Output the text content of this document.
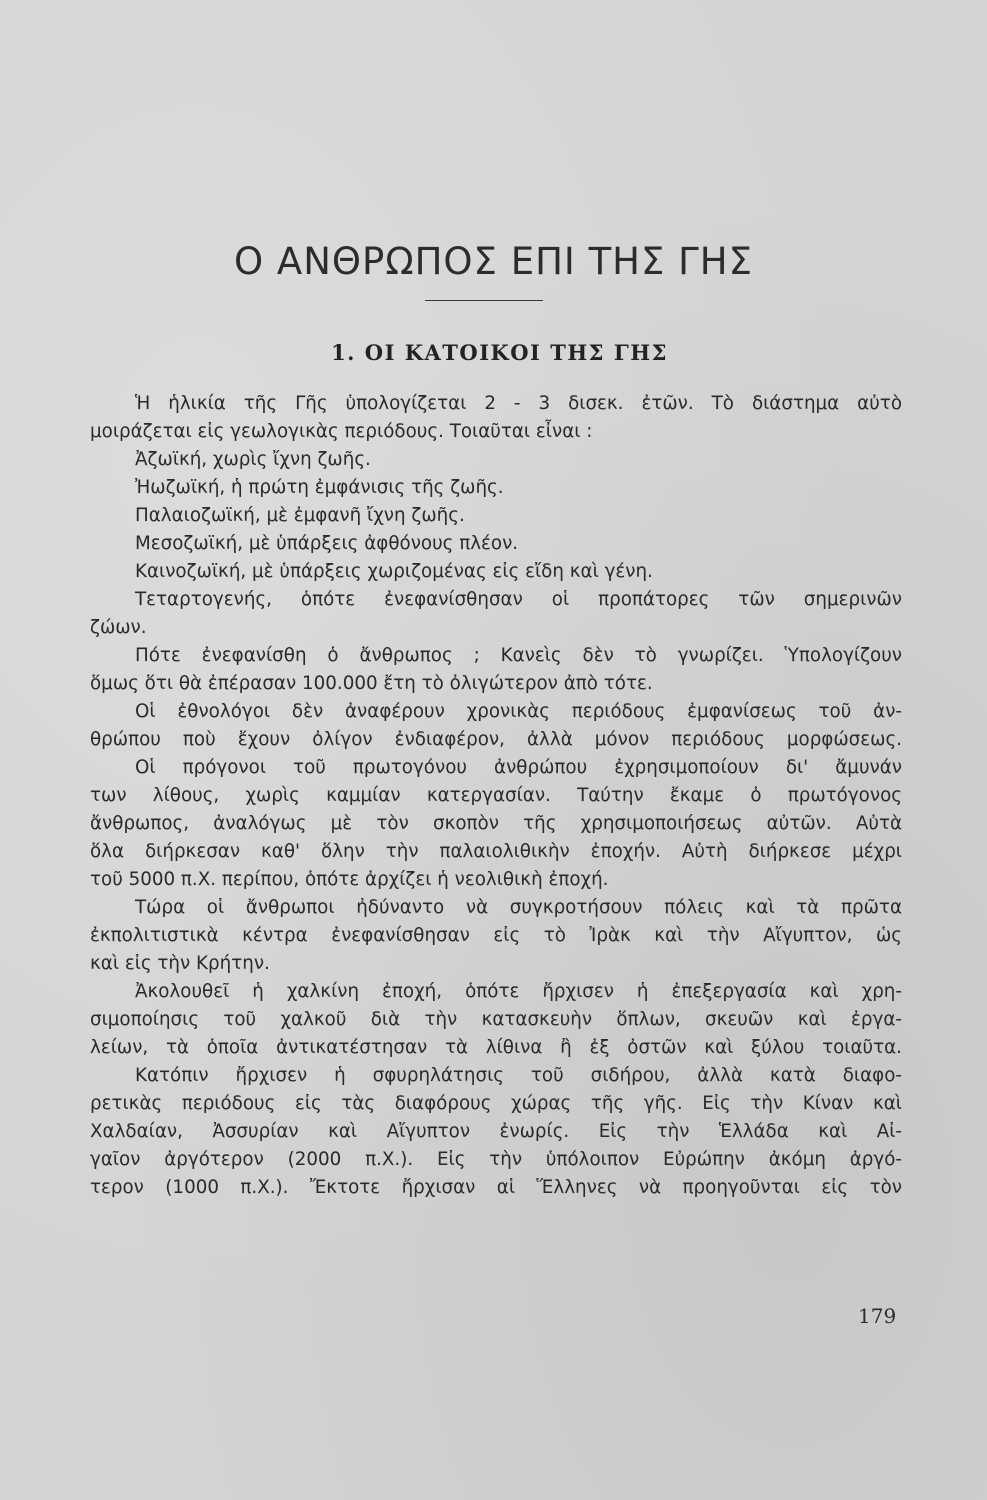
Ο ΑΝΘΡΩΠΟΣ ΕΠΙ ΤΗΣ ΓΗΣ
1. ΟΙ ΚΑΤΟΙΚΟΙ ΤΗΣ ΓΗΣ
Ἡ ἡλικία τῆς Γῆς ὑπολογίζεται 2 - 3 δισεκ. ἐτῶν. Τὸ διάστημα αὐτὸ
μοιράζεται εἰς γεωλογικὰς περιόδους. Τοιαῦται εἶναι :
Ἀζωϊκή, χωρὶς ἴχνη ζωῆς.
Ἠωζωϊκή, ἡ πρώτη ἐμφάνισις τῆς ζωῆς.
Παλαιοζωϊκή, μὲ ἐμφανῆ ἴχνη ζωῆς.
Μεσοζωϊκή, μὲ ὑπάρξεις ἀφθόνους πλέον.
Καινοζωϊκή, μὲ ὑπάρξεις χωριζομένας εἰς εἴδη καὶ γένη.
Τεταρτογενής, ὁπότε ἐνεφανίσθησαν οἱ προπάτορες τῶν σημερινῶν
ζώων.
Πότε ἐνεφανίσθη ὁ ἄνθρωπος ; Κανεὶς δὲν τὸ γνωρίζει. Ὑπολογίζουν
ὅμως ὅτι θὰ ἐπέρασαν 100.000 ἔτη τὸ ὀλιγώτερον ἀπὸ τότε.
Οἱ ἐθνολόγοι δὲν ἀναφέρουν χρονικὰς περιόδους ἐμφανίσεως τοῦ ἀν-
θρώπου ποὺ ἔχουν ὀλίγον ἐνδιαφέρον, ἀλλὰ μόνον περιόδους μορφώσεως.
Οἱ πρόγονοι τοῦ πρωτογόνου ἀνθρώπου ἐχρησιμοποίουν δι' ἄμυνάν
των λίθους, χωρὶς καμμίαν κατεργασίαν. Ταύτην ἔκαμε ὁ πρωτόγονος
ἄνθρωπος, ἀναλόγως μὲ τὸν σκοπὸν τῆς χρησιμοποιήσεως αὐτῶν. Αὐτὰ
ὅλα διήρκεσαν καθ' ὅλην τὴν παλαιολιθικὴν ἐποχήν. Αὐτὴ διήρκεσε μέχρι
τοῦ 5000 π.Χ. περίπου, ὁπότε ἀρχίζει ἡ νεολιθικὴ ἐποχή.
Τώρα οἱ ἄνθρωποι ἠδύναντο νὰ συγκροτήσουν πόλεις καὶ τὰ πρῶτα
ἐκπολιτιστικὰ κέντρα ἐνεφανίσθησαν εἰς τὸ Ἰρὰκ καὶ τὴν Αἴγυπτον, ὡς
καὶ εἰς τὴν Κρήτην.
Ἀκολουθεῖ ἡ χαλκίνη ἐποχή, ὁπότε ἤρχισεν ἡ ἐπεξεργασία καὶ χρη-
σιμοποίησις τοῦ χαλκοῦ διὰ τὴν κατασκευὴν ὅπλων, σκευῶν καὶ ἐργα-
λείων, τὰ ὁποῖα ἀντικατέστησαν τὰ λίθινα ἢ ἐξ ὀστῶν καὶ ξύλου τοιαῦτα.
Κατόπιν ἤρχισεν ἡ σφυρηλάτησις τοῦ σιδήρου, ἀλλὰ κατὰ διαφο-
ρετικὰς περιόδους εἰς τὰς διαφόρους χώρας τῆς γῆς. Εἰς τὴν Κίναν καὶ
Χαλδαίαν, Ἀσσυρίαν καὶ Αἴγυπτον ἐνωρίς. Εἰς τὴν Ἑλλάδα καὶ Αἰ-
γαῖον ἀργότερον (2000 π.Χ.). Εἰς τὴν ὑπόλοιπον Εὐρώπην ἀκόμη ἀργό-
τερον (1000 π.Χ.). Ἔκτοτε ἤρχισαν αἱ Ἕλληνες νὰ προηγοῦνται εἰς τὸν
179
